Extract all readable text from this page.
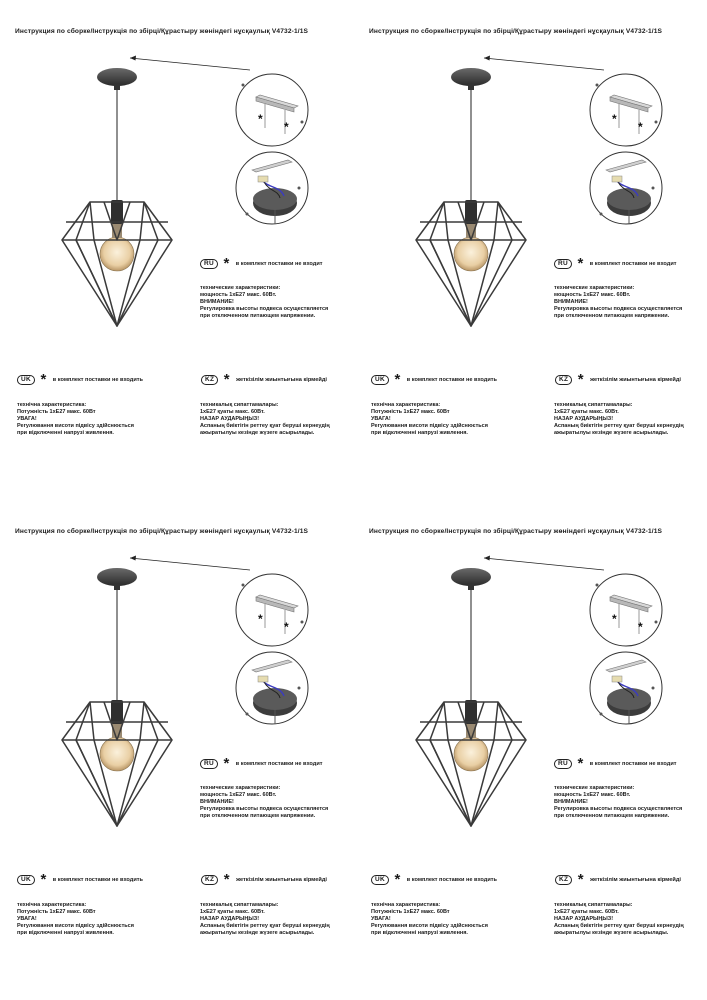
Инструкция по сборке/Інструкція по збірці/Құрастыру жөніндегі нұсқаулық V4732-1/1S
*
*
RU * в комплект поставки не входит
технические характеристики:
мощность 1хЕ27 макс. 60Вт.
ВНИМАНИЕ!
Регулировка высоты подвеса осуществляется
при отключенном питающем напряжении.
UK * в комплект поставки не входить
технічна характеристика:
Потужність 1хЕ27 макс. 60Вт
УВАГА!
Регулювання висоти підвісу здійснюється
при відключенні напрузі живлення.
KZ * жеткізілім жиынтығына кірмейді
техникалық сипаттамалары:
1хЕ27 қуаты макс. 60Вт.
НАЗАР АУДАРЫҢЫЗ!
Аспаның биіктігін реттеу қуат беруші кернеудің
ажыратылуы кезінде жүзеге асырылады.
Инструкция по сборке/Інструкція по збірці/Құрастыру жөніндегі нұсқаулық V4732-1/1S
*
*
RU * в комплект поставки не входит
технические характеристики:
мощность 1хЕ27 макс. 60Вт.
ВНИМАНИЕ!
Регулировка высоты подвеса осуществляется
при отключенном питающем напряжении.
UK * в комплект поставки не входить
технічна характеристика:
Потужність 1хЕ27 макс. 60Вт
УВАГА!
Регулювання висоти підвісу здійснюється
при відключенні напрузі живлення.
KZ * жеткізілім жиынтығына кірмейді
техникалық сипаттамалары:
1хЕ27 қуаты макс. 60Вт.
НАЗАР АУДАРЫҢЫЗ!
Аспаның биіктігін реттеу қуат беруші кернеудің
ажыратылуы кезінде жүзеге асырылады.
Инструкция по сборке/Інструкція по збірці/Құрастыру жөніндегі нұсқаулық V4732-1/1S
*
*
RU * в комплект поставки не входит
технические характеристики:
мощность 1хЕ27 макс. 60Вт.
ВНИМАНИЕ!
Регулировка высоты подвеса осуществляется
при отключенном питающем напряжении.
UK * в комплект поставки не входить
технічна характеристика:
Потужність 1хЕ27 макс. 60Вт
УВАГА!
Регулювання висоти підвісу здійснюється
при відключенні напрузі живлення.
KZ * жеткізілім жиынтығына кірмейді
техникалық сипаттамалары:
1хЕ27 қуаты макс. 60Вт.
НАЗАР АУДАРЫҢЫЗ!
Аспаның биіктігін реттеу қуат беруші кернеудің
ажыратылуы кезінде жүзеге асырылады.
Инструкция по сборке/Інструкція по збірці/Құрастыру жөніндегі нұсқаулық V4732-1/1S
*
*
RU * в комплект поставки не входит
технические характеристики:
мощность 1хЕ27 макс. 60Вт.
ВНИМАНИЕ!
Регулировка высоты подвеса осуществляется
при отключенном питающем напряжении.
UK * в комплект поставки не входить
технічна характеристика:
Потужність 1хЕ27 макс. 60Вт
УВАГА!
Регулювання висоти підвісу здійснюється
при відключенні напрузі живлення.
KZ * жеткізілім жиынтығына кірмейді
техникалық сипаттамалары:
1хЕ27 қуаты макс. 60Вт.
НАЗАР АУДАРЫҢЫЗ!
Аспаның биіктігін реттеу қуат беруші кернеудің
ажыратылуы кезінде жүзеге асырылады.
